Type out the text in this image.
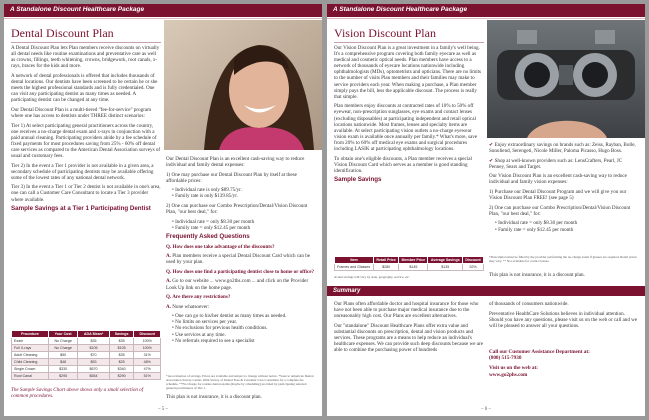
A Standalone Discount Healthcare Package
Dental Discount Plan

A Dental Discount Plan lets Plan members receive discounts on virtually all dental needs like routine examinations and preventative care as well as crowns, fillings, teeth whitening, crowns, bridgework, root canals, x-rays, braces for the kids and more.

A network of dental professionals is offered that includes thousands of dental locations. Our dentists have been screened to be certain he or she meets the highest professional standards and is fully credentialed. One can visit any participating dentist as many times as needed. A participating dentist can be changed at any time.

Our Dental Discount Plan is a multi-tiered "fee-for-service" program where one has access to dentists under THREE distinct scenarios:

Tier 1) At select participating general practitioners across the country, one receives a no-charge dental exam and x-rays in conjunction with a paid annual cleaning. Participating providers abide by a fee schedule of fixed payments for most procedures saving from 25% - 60% off dental care services as compared to the American Dental Association surveys of usual and customary fees.

Tier 2) In the event a Tier 1 provider is not available in a given area, a secondary schedule of participating dentists may be available offering some of the lowest rates of any national dental network.

Tier 3) In the event a Tier 1 or Tier 2 dentist is not available in one's area, one can call a Customer Care Consultant to locate a Tier 3 provider where available.

Sample Savings at a Tier 1 Participating Dentist
Procedure	Your Cost	ADA Mean*	Savings	Discount
Exam	No Charge	$35	$35	100%
Full X-rays	No Charge	$105	$105	100%
Adult Cleaning	$50	$70	$35	31%
Child Cleaning	$48	$53	$25	48%
Single Crown	$330	$670	$340	47%
Root Canal	$295	$554	$290	51%
The Sample Savings Chart above shows only a small selection of common procedures.

Our Dental Discount Plan is an excellent cash-saving way to reduce individual and family dental expenses:

1) One may purchase our Dental Discount Plan by itself at these affordable prices:

• Individual rate is only $89.75/yr.
• Family rate is only $139.85/yr.

2) One can purchase our Combo Prescription/Dental/Vision Discount Plan, "our best deal," for:

• Individual rate = only $8.30 per month
• Family rate = only $12.45 per month

Frequently Asked Questions

Q. How does one take advantage of the discounts?

A. Plan members receive a special Dental Discount Card which can be used by your plan.

Q. How does one find a participating dentist close to home or office?

A. Go to our website ... www.go2ths.com ... and click on the Provider Look Up link on the home page.

Q. Are there any restrictions?

A. None whatsoever:

• One can go to his/her dentist as many times as needed.
• No limits on services per year.
• No exclusions for previous health conditions.
• Use services at any time.
• No referrals required to see a specialist

*An evaluation of savings. Prices are available and subject to change without notice. *Source: American Dental Association Survey Center. 2004 Survey of Dental Fees & Customer Care Consultant for a complete fee schedule. **No Charge for routine dental exams (maybe by scheduling) provided by participating selected general practitioners of Tier 1.
This plan is not insurance, it is a discount plan.
– 5 –
A Standalone Discount Healthcare Package
Vision Discount Plan

Our Vision Discount Plan is a great investment in a family's well being. It's a comprehensive program covering both family eyecare as well as medical and cosmetic optical needs. Plan members have access to a network of thousands of eyecare locations nationwide including ophthalmologists (MDs), optometrists and opticians. There are no limits to the number of visits Plan members and their families may make to service providers each year. When making a purchase, a Plan member simply pays the bill, less the applicable discount. The process is really that simple.

Plan members enjoy discounts at contracted rates of 10% to 50% off eyewear, non-prescription sunglasses, eye exams and contact lenses (excluding disposables) at participating independent and retail optical locations nationwide. Most frames, lenses and specialty items are available. At select participating vision outlets a no-charge eyewear vision exam is available once annually per family.* What's more, save from 20% to 60% off medical eye exams and surgical procedures including LASIK at participating ophthalmology locations.

To obtain one's eligible discounts, a Plan member receives a special Vision Discount Card which serves as a member is good standing identification.

Sample Savings
Item	Retail Price	Member Price	Average Savings	Discount
Frames and Glasses	$280	$145	$135	52%
Actual savings will vary by state, geography, service, etc.

✔ Enjoy extraordinary savings on brands such as: Zeiss, Rayban, Bolle, Sunoliend, Serengeti, Nicole Miller, Paloma Picasso, Hugo Boss.

✔ Shop at well-known providers such as: LensCrafters, Pearl, JC Penney, Sears and Target.

Our Vision Discount Plan is an excellent cash-saving way to reduce individual and family vision expenses:

1) Purchase our Dental Discount Program and we will give you our Vision Discount Plan FREE! (see page 5)

2) One can purchase our Combo Prescription/Dental/Vision Discount Plan, "our best deal," for:

• Individual rate = only $8.30 per month
• Family rate = only $12.45 per month

*Prescription must be filled by the provider performing the no-charge exam if glasses are required. Retail prices may vary. ** Not available for contact lenses.
This plan is not insurance, it is a discount plan.
Summary

Our Plans often affordable doctor and hospital insurance for those who have not been able to purchase major medical insurance due to the unreasonably high cost. Our Plans are excellent alternatives.

Our "standalone" Discount Healthcare Plans offer extra value and substantial discounts on prescription, dental and vision products and services. These programs are a means to help reduce an individual's healthcare expenses. We can provide such deep discounts because we are able to combine the purchasing power of hundreds

of thousands of consumers nationwide.

Preventative HealthCare Solutions believes in individual attention. Should you have any questions, please visit us on the web or call and we will be pleased to answer all your questions.

Call our Customer Assistance Department at:
(800) 515-7930
Visit us on the web at:
www.go2phs.com
– 6 –
